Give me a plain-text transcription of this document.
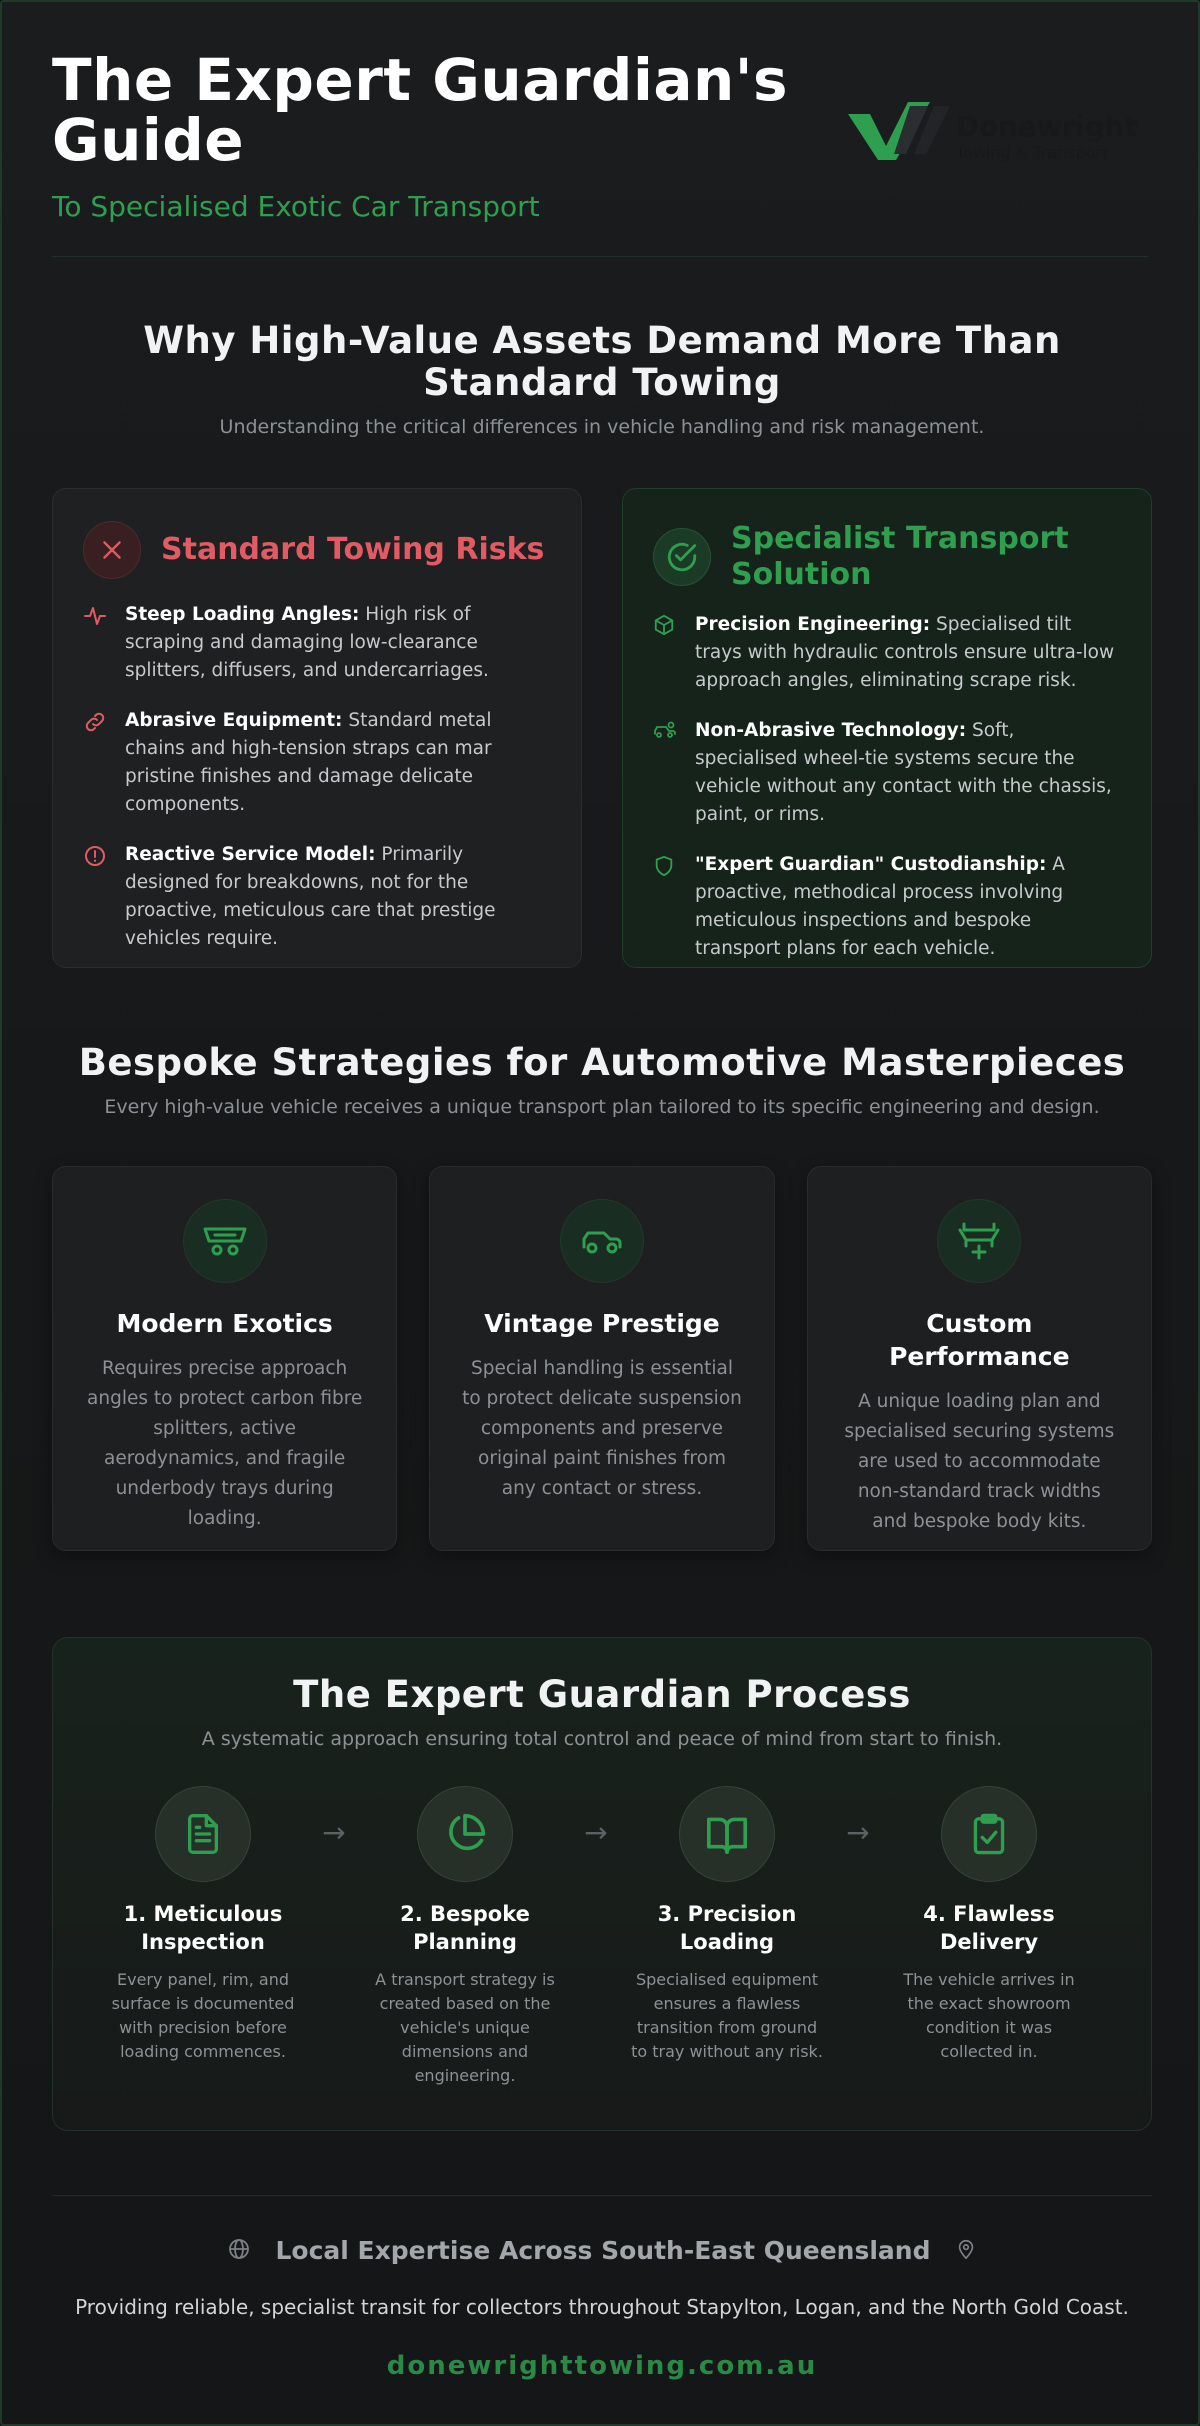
The Expert Guardian's Guide
To Specialised Exotic Car Transport
Donewright
Towing & Transport
Why High-Value Assets Demand More Than Standard Towing
Understanding the critical differences in vehicle handling and risk management.
Standard Towing Risks
Steep Loading Angles: High risk of scraping and damaging low-clearance splitters, diffusers, and undercarriages.
Abrasive Equipment: Standard metal chains and high-tension straps can mar pristine finishes and damage delicate components.
Reactive Service Model: Primarily designed for breakdowns, not for the proactive, meticulous care that prestige vehicles require.
Specialist Transport Solution
Precision Engineering: Specialised tilt trays with hydraulic controls ensure ultra-low approach angles, eliminating scrape risk.
Non-Abrasive Technology: Soft, specialised wheel-tie systems secure the vehicle without any contact with the chassis, paint, or rims.
"Expert Guardian" Custodianship: A proactive, methodical process involving meticulous inspections and bespoke transport plans for each vehicle.
Bespoke Strategies for Automotive Masterpieces
Every high-value vehicle receives a unique transport plan tailored to its specific engineering and design.
Modern Exotics
Requires precise approach angles to protect carbon fibre splitters, active aerodynamics, and fragile underbody trays during loading.
Vintage Prestige
Special handling is essential to protect delicate suspension components and preserve original paint finishes from any contact or stress.
Custom Performance
A unique loading plan and specialised securing systems are used to accommodate non-standard track widths and bespoke body kits.
The Expert Guardian Process
A systematic approach ensuring total control and peace of mind from start to finish.
1. Meticulous Inspection
Every panel, rim, and surface is documented with precision before loading commences.
→
2. Bespoke Planning
A transport strategy is created based on the vehicle's unique dimensions and engineering.
→
3. Precision Loading
Specialised equipment ensures a flawless transition from ground to tray without any risk.
→
4. Flawless Delivery
The vehicle arrives in the exact showroom condition it was collected in.
Local Expertise Across South-East Queensland
Providing reliable, specialist transit for collectors throughout Stapylton, Logan, and the North Gold Coast.
donewrighttowing.com.au
